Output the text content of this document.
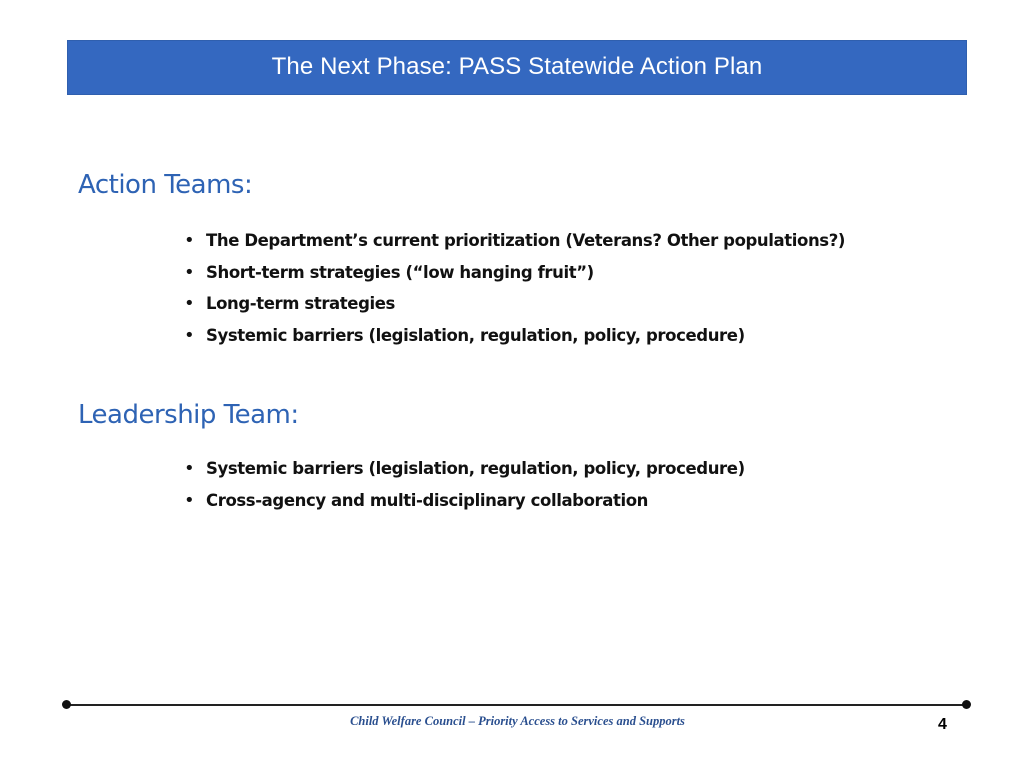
The Next Phase: PASS Statewide Action Plan
Action Teams:
• The Department’s current prioritization (Veterans? Other populations?)
• Short-term strategies (“low hanging fruit”)
• Long-term strategies
• Systemic barriers (legislation, regulation, policy, procedure)
Leadership Team:
• Systemic barriers (legislation, regulation, policy, procedure)
• Cross-agency and multi-disciplinary collaboration
Child Welfare Council – Priority Access to Services and Supports	4
